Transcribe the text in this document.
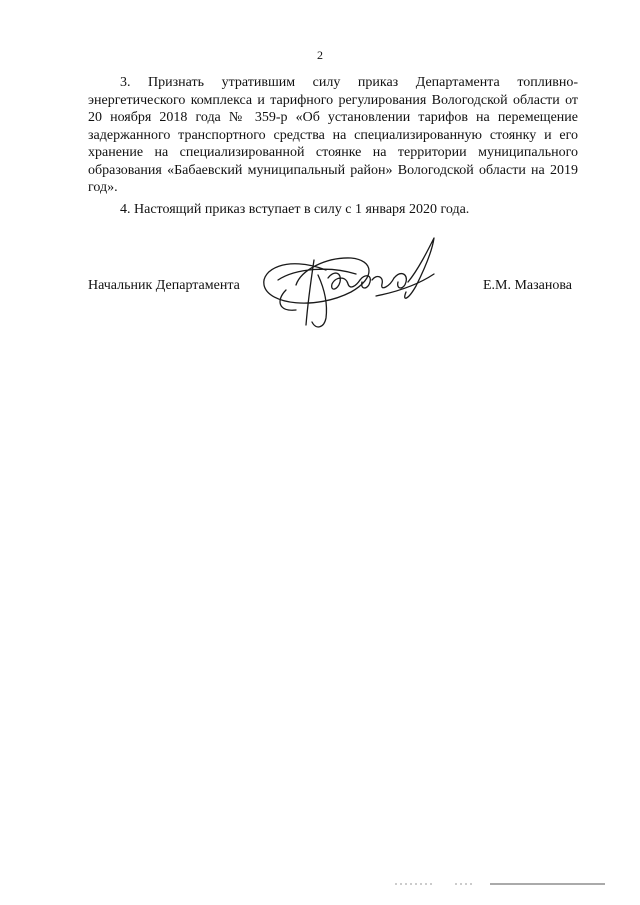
2

3. Признать утратившим силу приказ Департамента топливно-энергетического комплекса и тарифного регулирования Вологодской области от 20 ноября 2018 года № 359-р «Об установлении тарифов на перемещение задержанного транспортного средства на специализированную стоянку и его хранение на специализированной стоянке на территории муниципального образования «Бабаевский муниципальный район» Вологодской области на 2019 год».

4. Настоящий приказ вступает в силу с 1 января 2020 года.

Начальник Департамента	Е.М. Мазанова
